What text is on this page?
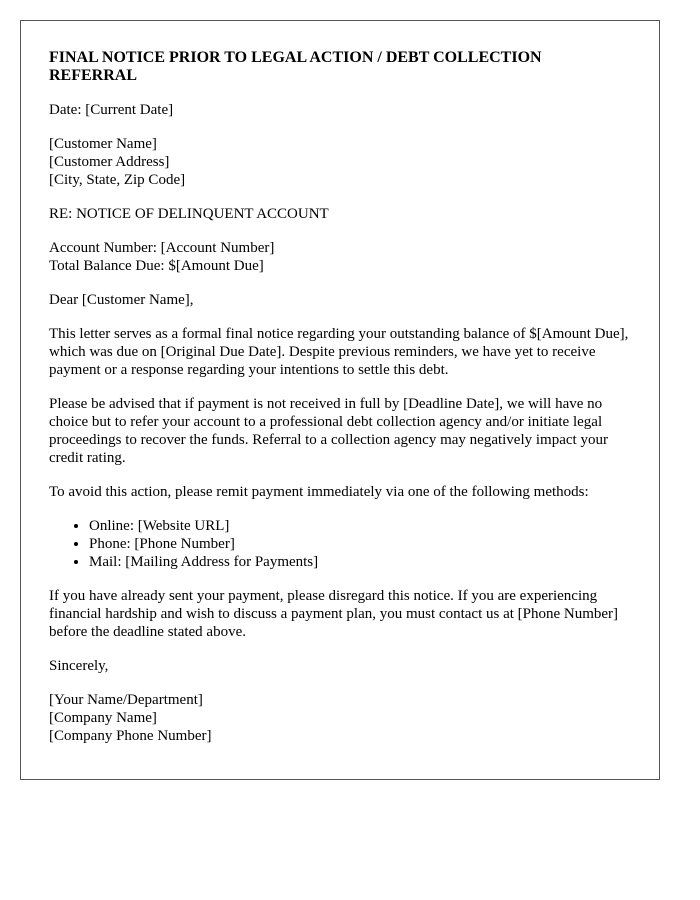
FINAL NOTICE PRIOR TO LEGAL ACTION / DEBT COLLECTION REFERRAL
Date: [Current Date]
[Customer Name]
[Customer Address]
[City, State, Zip Code]
RE: NOTICE OF DELINQUENT ACCOUNT
Account Number: [Account Number]
Total Balance Due: $[Amount Due]
Dear [Customer Name],
This letter serves as a formal final notice regarding your outstanding balance of $[Amount Due], which was due on [Original Due Date]. Despite previous reminders, we have yet to receive payment or a response regarding your intentions to settle this debt.
Please be advised that if payment is not received in full by [Deadline Date], we will have no choice but to refer your account to a professional debt collection agency and/or initiate legal proceedings to recover the funds. Referral to a collection agency may negatively impact your credit rating.
To avoid this action, please remit payment immediately via one of the following methods:
• Online: [Website URL]
• Phone: [Phone Number]
• Mail: [Mailing Address for Payments]
If you have already sent your payment, please disregard this notice. If you are experiencing financial hardship and wish to discuss a payment plan, you must contact us at [Phone Number] before the deadline stated above.
Sincerely,
[Your Name/Department]
[Company Name]
[Company Phone Number]
